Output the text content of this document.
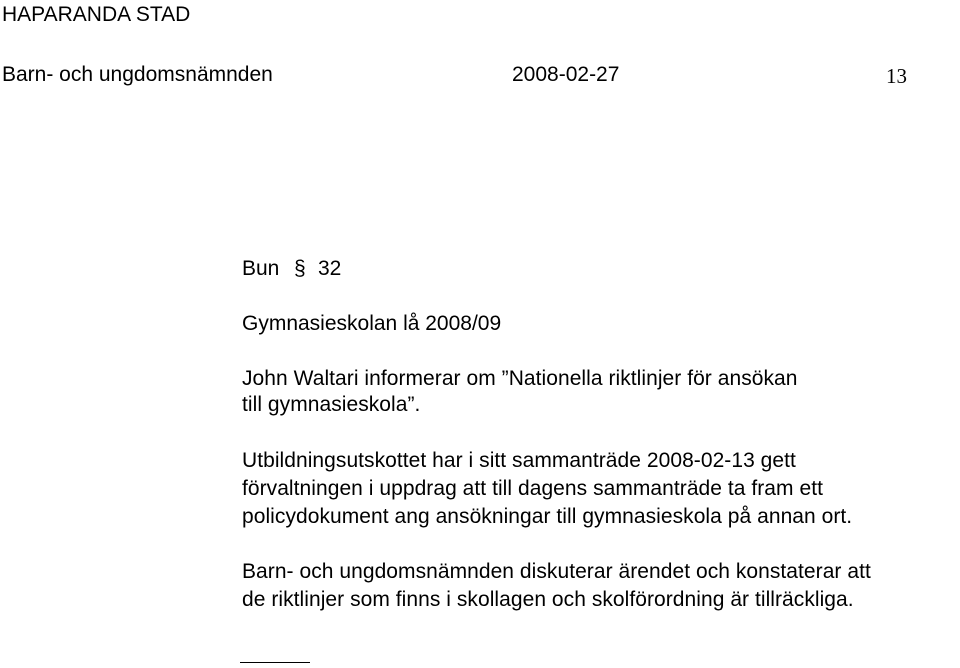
HAPARANDA STAD
Barn- och ungdomsnämnden	2008-02-27	13
Bun § 32
Gymnasieskolan lå 2008/09
John Waltari informerar om ”Nationella riktlinjer för ansökan
till gymnasieskola”.
Utbildningsutskottet har i sitt sammanträde 2008-02-13 gett
förvaltningen i uppdrag att till dagens sammanträde ta fram ett
policydokument ang ansökningar till gymnasieskola på annan ort.
Barn- och ungdomsnämnden diskuterar ärendet och konstaterar att
de riktlinjer som finns i skollagen och skolförordning är tillräckliga.
